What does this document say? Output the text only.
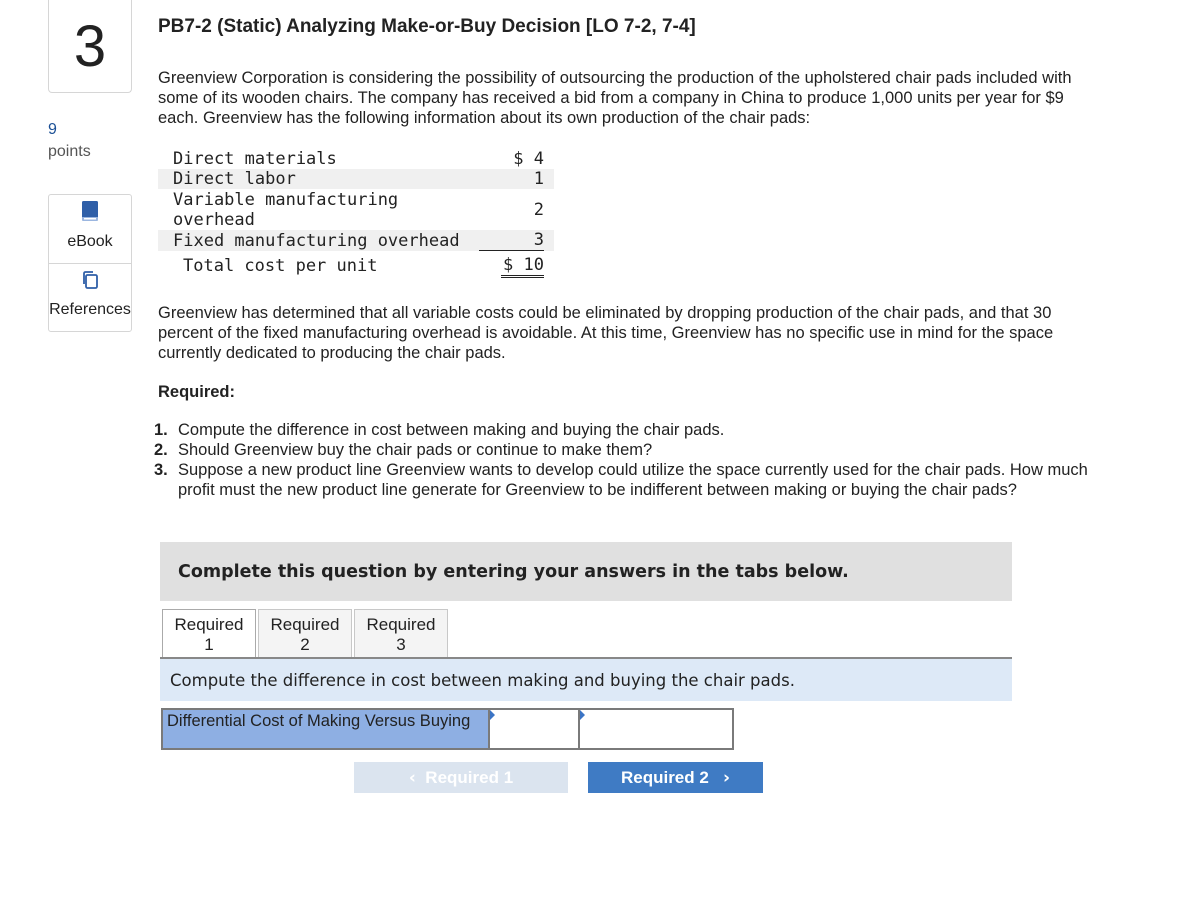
3
9
points
eBook
References
PB7-2 (Static) Analyzing Make-or-Buy Decision [LO 7-2, 7-4]
Greenview Corporation is considering the possibility of outsourcing the production of the upholstered chair pads included with some of its wooden chairs. The company has received a bid from a company in China to produce 1,000 units per year for $9 each. Greenview has the following information about its own production of the chair pads:
Direct materials	$ 4
Direct labor	1
Variable manufacturing overhead	2
Fixed manufacturing overhead	3
Total cost per unit	$ 10
Greenview has determined that all variable costs could be eliminated by dropping production of the chair pads, and that 30 percent of the fixed manufacturing overhead is avoidable. At this time, Greenview has no specific use in mind for the space currently dedicated to producing the chair pads.
Required:
1. Compute the difference in cost between making and buying the chair pads.
2. Should Greenview buy the chair pads or continue to make them?
3. Suppose a new product line Greenview wants to develop could utilize the space currently used for the chair pads. How much profit must the new product line generate for Greenview to be indifferent between making or buying the chair pads?
Complete this question by entering your answers in the tabs below.
Required
1
Required
2
Required
3
Compute the difference in cost between making and buying the chair pads.
Differential Cost of Making Versus Buying
‹
Required 1	Required 2
›
